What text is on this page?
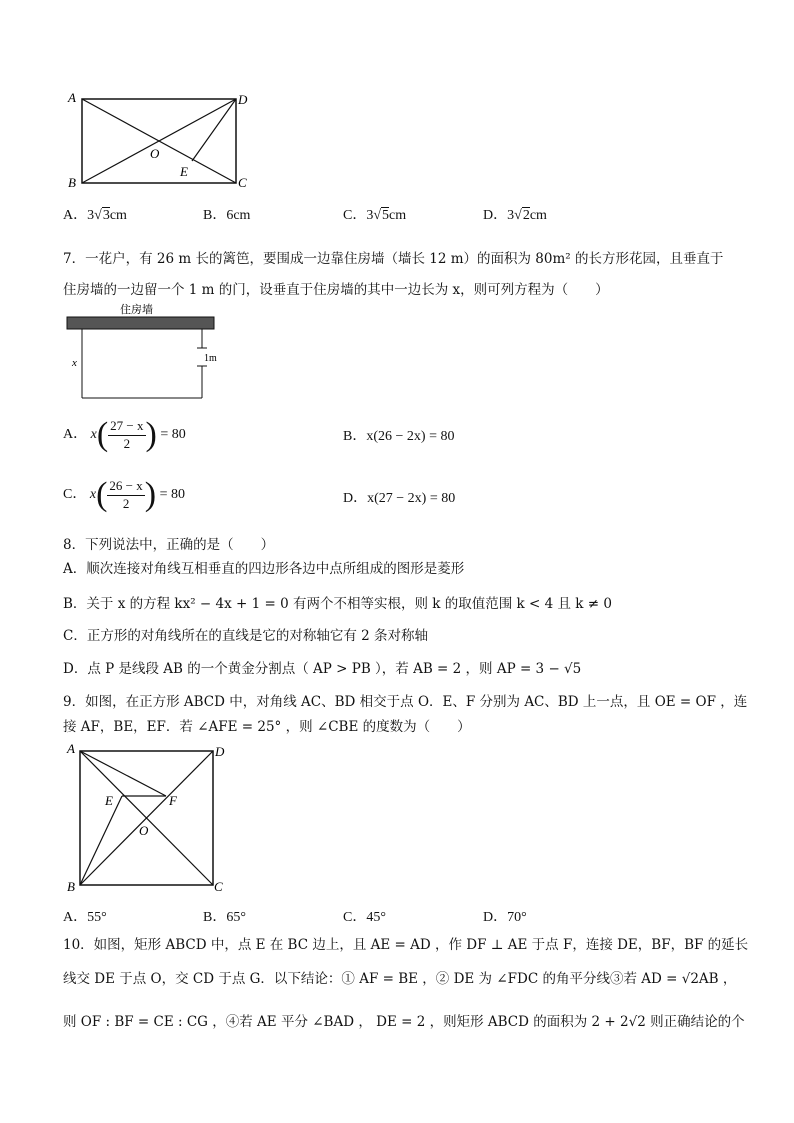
A
B	C
D
O
E
A．3√3cm	B．6cm	C．3√5cm	D．3√2cm
7．一花户，有 26 m 长的篱笆，要围成一边靠住房墙（墙长 12 m）的面积为 80m² 的长方形花园，且垂直于
住房墙的一边留一个 1 m 的门，设垂直于住房墙的其中一边长为 x，则可列方程为（　　）
住房墙
x	1m
A． $x( \frac{27 - x}{2}$ ) = 80	B．x(26 − 2x) = 80
C． $x( \frac{26 - x}{2}$ ) = 80	D．x(27 − 2x) = 80
8．下列说法中，正确的是（　　）
A．顺次连接对角线互相垂直的四边形各边中点所组成的图形是菱形
B．关于 x 的方程 kx² − 4x + 1 = 0 有两个不相等实根，则 k 的取值范围 k < 4 且 k ≠ 0
C．正方形的对角线所在的直线是它的对称轴它有 2 条对称轴
D．点 P 是线段 AB 的一个黄金分割点（ AP > PB ），若 AB = 2 ，则 AP = 3 − √5
9．如图，在正方形 ABCD 中，对角线 AC、BD 相交于点 O．E、F 分别为 AC、BD 上一点，且 OE = OF ，连
接 AF，BE，EF．若 ∠AFE = 25° ，则 ∠CBE 的度数为（　　）
A
B	C
D
E	F
O
A．55°	B．65°	C．45°	D．70°
10．如图，矩形 ABCD 中，点 E 在 BC 边上，且 AE = AD ，作 DF ⊥ AE 于点 F，连接 DE，BF，BF 的延长
线交 DE 于点 O，交 CD 于点 G．以下结论：① AF = BE ，② DE 为 ∠FDC 的角平分线③若 AD = √2AB ，
则 OF : BF = CE : CG ，④若 AE 平分 ∠BAD ， DE = 2 ，则矩形 ABCD 的面积为 2 + 2√2 则正确结论的个
